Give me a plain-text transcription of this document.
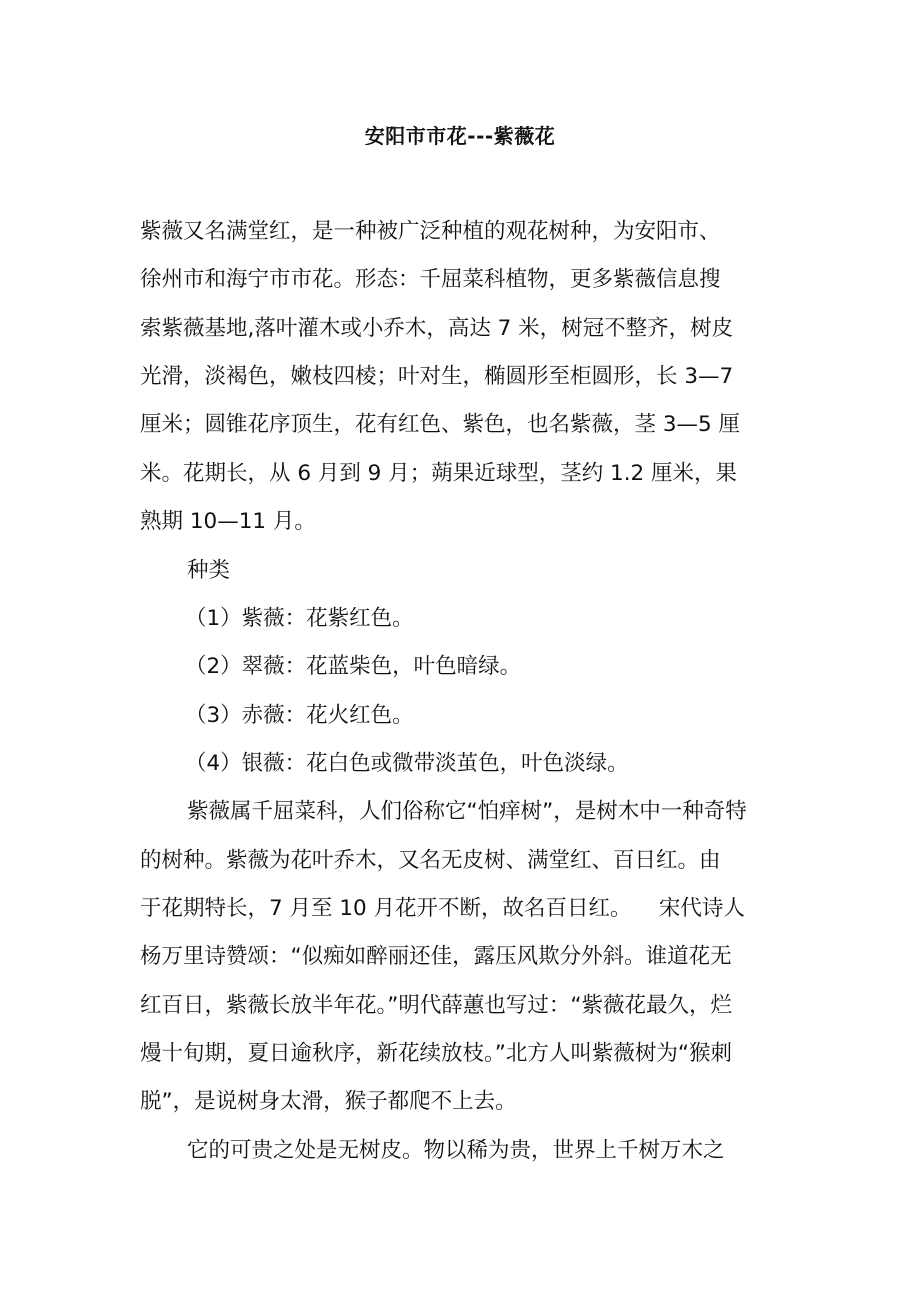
安阳市市花---紫薇花
紫薇又名满堂红，是一种被广泛种植的观花树种，为安阳市、
徐州市和海宁市市花。形态：千屈菜科植物，更多紫薇信息搜
索紫薇基地,落叶灌木或小乔木，高达 7 米，树冠不整齐，树皮
光滑，淡褐色，嫩枝四棱；叶对生，椭圆形至柜圆形，长 3—7
厘米；圆锥花序顶生，花有红色、紫色，也名紫薇，茎 3—5 厘
米。花期长，从 6 月到 9 月；蒴果近球型，茎约 1.2 厘米，果
熟期 10—11 月。
种类
（1）紫薇：花紫红色。
（2）翠薇：花蓝柴色，叶色暗绿。
（3）赤薇：花火红色。
（4）银薇：花白色或微带淡茧色，叶色淡绿。
紫薇属千屈菜科，人们俗称它“怕痒树”，是树木中一种奇特
的树种。紫薇为花叶乔木，又名无皮树、满堂红、百日红。由
于花期特长，7 月至 10 月花开不断，故名百日红。    宋代诗人
杨万里诗赞颂：“似痴如醉丽还佳，露压风欺分外斜。谁道花无
红百日，紫薇长放半年花。”明代薛蕙也写过：“紫薇花最久，烂
熳十旬期，夏日逾秋序，新花续放枝。”北方人叫紫薇树为“猴刺
脱”，是说树身太滑，猴子都爬不上去。
它的可贵之处是无树皮。物以稀为贵，世界上千树万木之
